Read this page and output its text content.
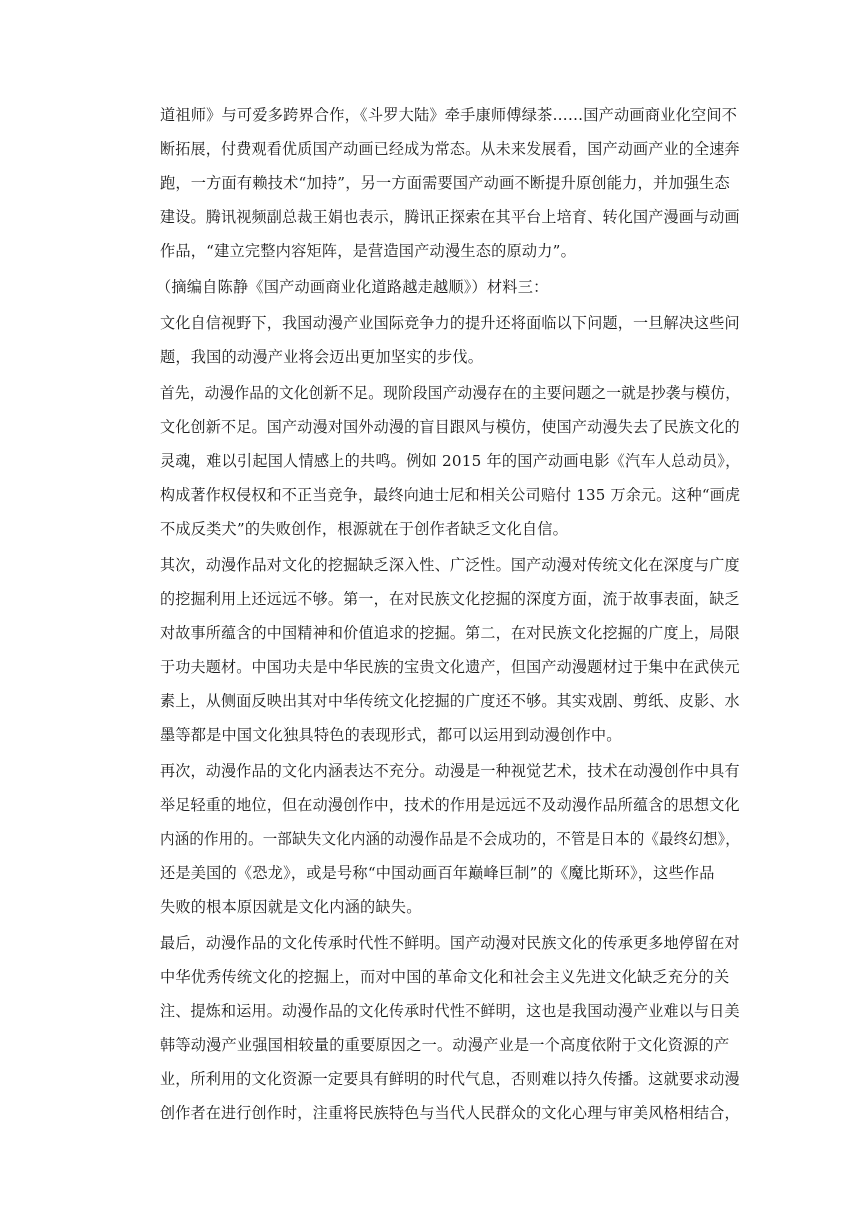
道祖师》与可爱多跨界合作，《斗罗大陆》牵手康师傅绿茶……国产动画商业化空间不
断拓展，付费观看优质国产动画已经成为常态。从未来发展看，国产动画产业的全速奔
跑，一方面有赖技术“加持”，另一方面需要国产动画不断提升原创能力，并加强生态
建设。腾讯视频副总裁王娟也表示，腾讯正探索在其平台上培育、转化国产漫画与动画
作品，“建立完整内容矩阵，是营造国产动漫生态的原动力”。
（摘编自陈静《国产动画商业化道路越走越顺》）材料三：
文化自信视野下，我国动漫产业国际竞争力的提升还将面临以下问题，一旦解决这些问
题，我国的动漫产业将会迈出更加坚实的步伐。
首先，动漫作品的文化创新不足。现阶段国产动漫存在的主要问题之一就是抄袭与模仿，
文化创新不足。国产动漫对国外动漫的盲目跟风与模仿，使国产动漫失去了民族文化的
灵魂，难以引起国人情感上的共鸣。例如 2015 年的国产动画电影《汽车人总动员》，
构成著作权侵权和不正当竞争，最终向迪士尼和相关公司赔付 135 万余元。这种“画虎
不成反类犬”的失败创作，根源就在于创作者缺乏文化自信。
其次，动漫作品对文化的挖掘缺乏深入性、广泛性。国产动漫对传统文化在深度与广度
的挖掘利用上还远远不够。第一，在对民族文化挖掘的深度方面，流于故事表面，缺乏
对故事所蕴含的中国精神和价值追求的挖掘。第二，在对民族文化挖掘的广度上，局限
于功夫题材。中国功夫是中华民族的宝贵文化遗产，但国产动漫题材过于集中在武侠元
素上，从侧面反映出其对中华传统文化挖掘的广度还不够。其实戏剧、剪纸、皮影、水
墨等都是中国文化独具特色的表现形式，都可以运用到动漫创作中。
再次，动漫作品的文化内涵表达不充分。动漫是一种视觉艺术，技术在动漫创作中具有
举足轻重的地位，但在动漫创作中，技术的作用是远远不及动漫作品所蕴含的思想文化
内涵的作用的。一部缺失文化内涵的动漫作品是不会成功的，不管是日本的《最终幻想》，
还是美国的《恐龙》，或是号称“中国动画百年巅峰巨制”的《魔比斯环》，这些作品
失败的根本原因就是文化内涵的缺失。
最后，动漫作品的文化传承时代性不鲜明。国产动漫对民族文化的传承更多地停留在对
中华优秀传统文化的挖掘上，而对中国的革命文化和社会主义先进文化缺乏充分的关
注、提炼和运用。动漫作品的文化传承时代性不鲜明，这也是我国动漫产业难以与日美
韩等动漫产业强国相较量的重要原因之一。动漫产业是一个高度依附于文化资源的产
业，所利用的文化资源一定要具有鲜明的时代气息，否则难以持久传播。这就要求动漫
创作者在进行创作时，注重将民族特色与当代人民群众的文化心理与审美风格相结合，
